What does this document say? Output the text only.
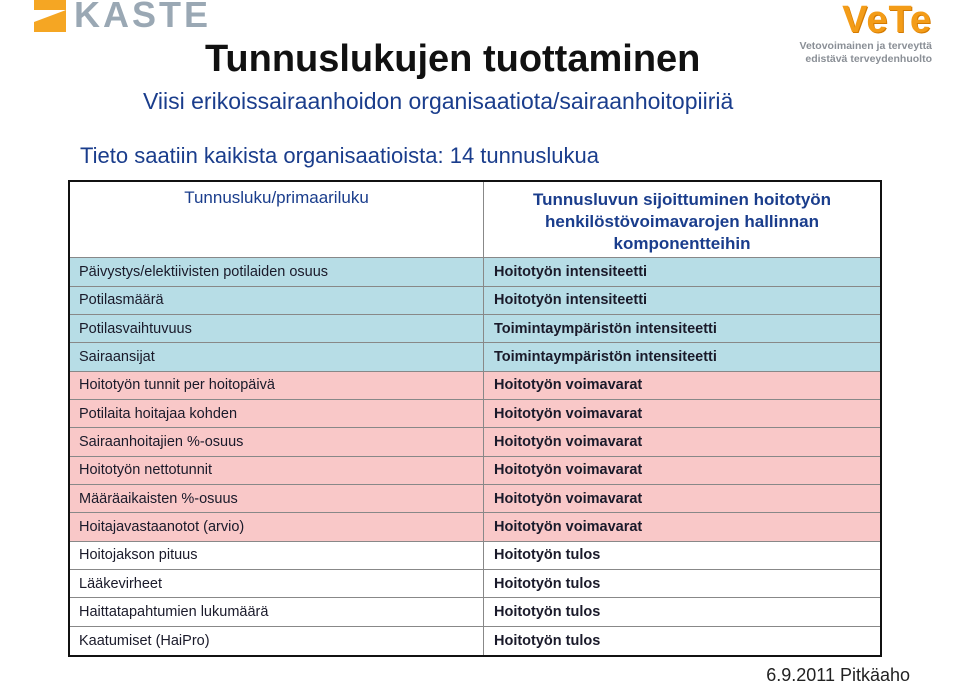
KASTE	VeTe
Vetovoimainen ja terveyttä
edistävä terveydenhuolto
Tunnuslukujen tuottaminen
Viisi erikoissairaanhoidon organisaatiota/sairaanhoitopiiriä
Tieto saatiin kaikista organisaatioista: 14 tunnuslukua
Tunnusluku/primaariluku
Päivystys/elektiivisten potilaiden osuus
Potilasmäärä
Potilasvaihtuvuus
Sairaansijat
Hoitotyön tunnit per hoitopäivä
Potilaita hoitajaa kohden
Sairaanhoitajien %-osuus
Hoitotyön nettotunnit
Määräaikaisten %-osuus
Hoitajavastaanotot (arvio)
Hoitojakson pituus
Lääkevirheet
Haittatapahtumien lukumäärä
Kaatumiset (HaiPro)
Tunnusluvun sijoittuminen hoitotyön
henkilöstövoimavarojen hallinnan
komponentteihin
Hoitotyön intensiteetti
Hoitotyön intensiteetti
Toimintaympäristön intensiteetti
Toimintaympäristön intensiteetti
Hoitotyön voimavarat
Hoitotyön voimavarat
Hoitotyön voimavarat
Hoitotyön voimavarat
Hoitotyön voimavarat
Hoitotyön voimavarat
Hoitotyön tulos
Hoitotyön tulos
Hoitotyön tulos
Hoitotyön tulos
6.9.2011 Pitkäaho
